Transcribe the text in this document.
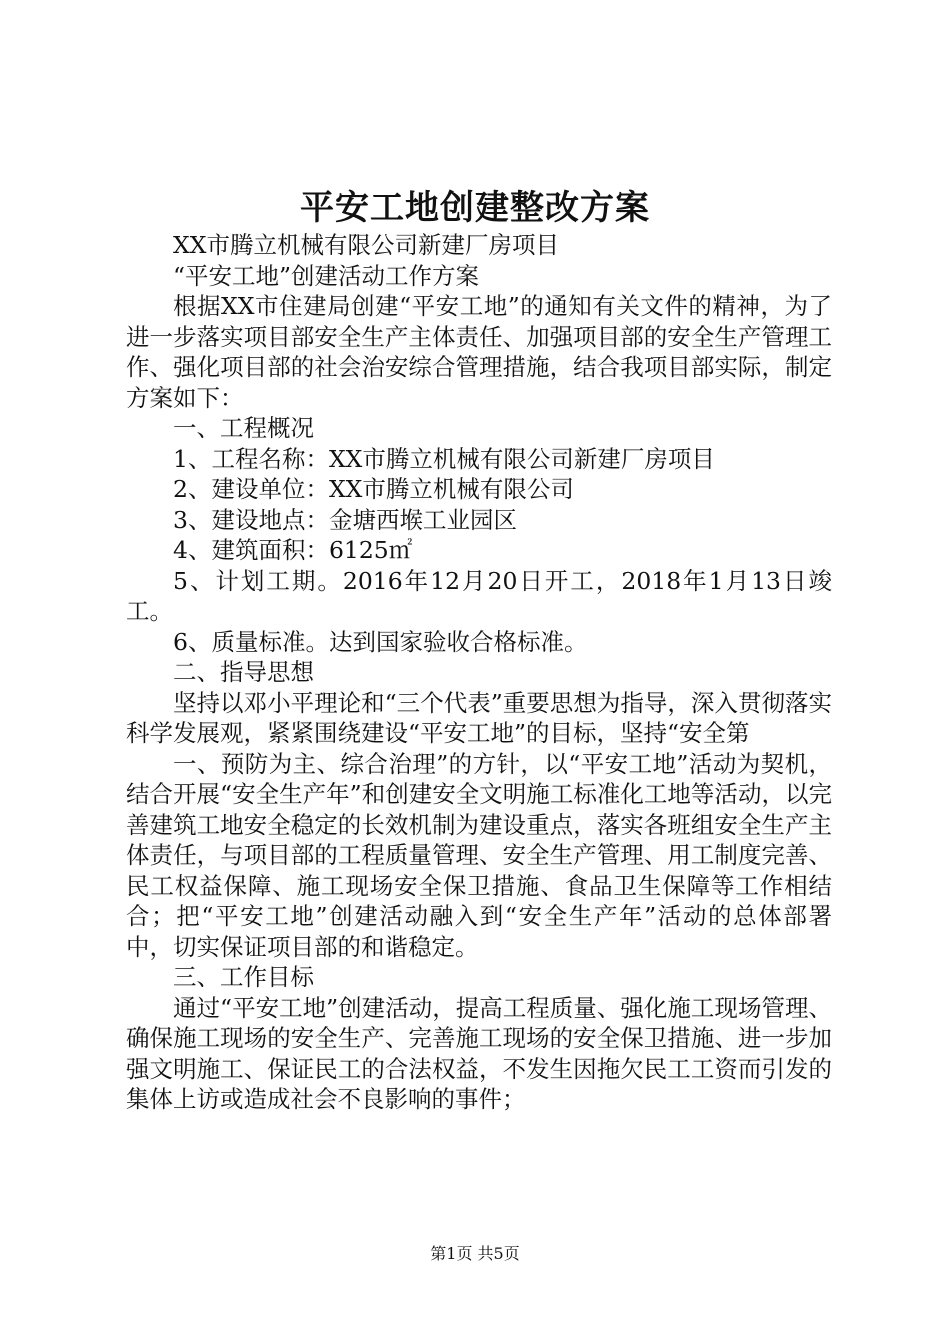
平安工地创建整改方案

XX市腾立机械有限公司新建厂房项目

“平安工地”创建活动工作方案

根据XX市住建局创建“平安工地”的通知有关文件的精神，为了进一步落实项目部安全生产主体责任、加强项目部的安全生产管理工作、强化项目部的社会治安综合管理措施，结合我项目部实际，制定方案如下：

一、工程概况

1、工程名称：XX市腾立机械有限公司新建厂房项目

2、建设单位：XX市腾立机械有限公司

3、建设地点：金塘西堠工业园区

4、建筑面积：6125㎡

5、计划工期。2016年12月20日开工，2018年1月13日竣工。

6、质量标准。达到国家验收合格标准。

二、指导思想

坚持以邓小平理论和“三个代表”重要思想为指导，深入贯彻落实科学发展观，紧紧围绕建设“平安工地”的目标，坚持“安全第

一、预防为主、综合治理”的方针，以“平安工地”活动为契机，结合开展“安全生产年”和创建安全文明施工标准化工地等活动，以完善建筑工地安全稳定的长效机制为建设重点，落实各班组安全生产主体责任，与项目部的工程质量管理、安全生产管理、用工制度完善、民工权益保障、施工现场安全保卫措施、食品卫生保障等工作相结合；把“平安工地”创建活动融入到“安全生产年”活动的总体部署中，切实保证项目部的和谐稳定。

三、工作目标

通过“平安工地”创建活动，提高工程质量、强化施工现场管理、确保施工现场的安全生产、完善施工现场的安全保卫措施、进一步加强文明施工、保证民工的合法权益，不发生因拖欠民工工资而引发的集体上访或造成社会不良影响的事件；

第1页 共5页
